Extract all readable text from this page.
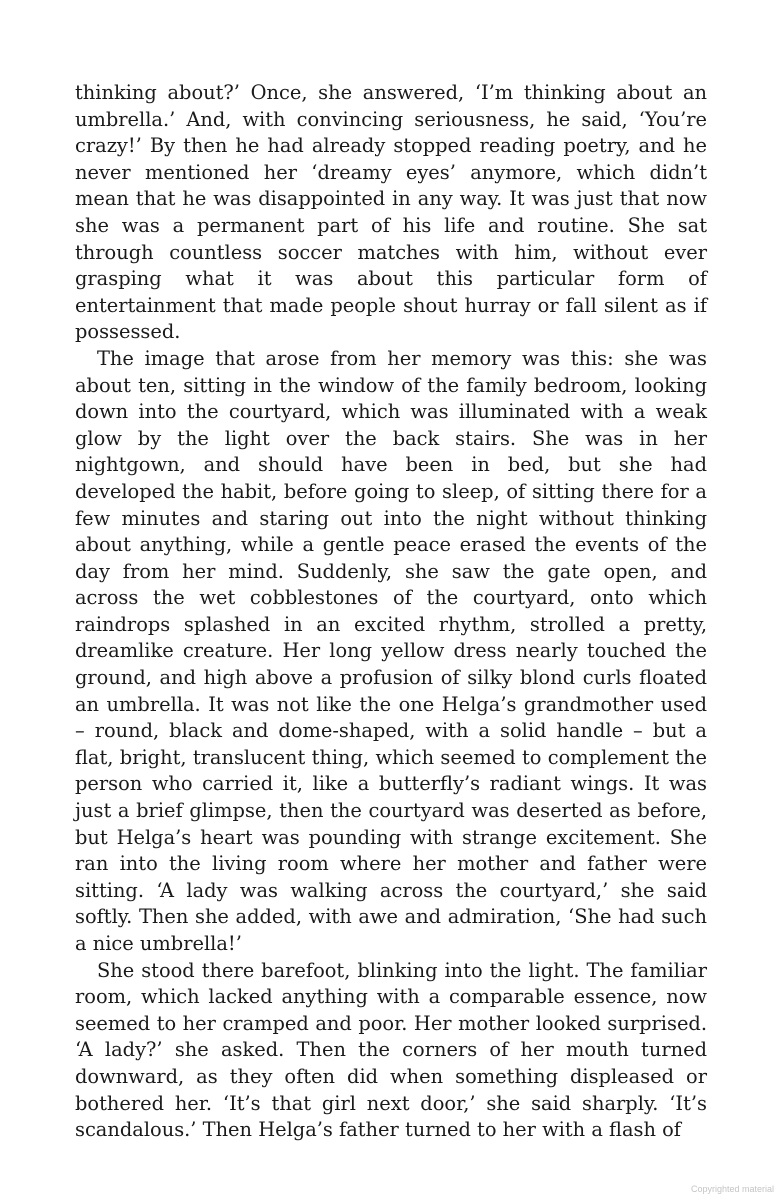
thinking about?’ Once, she answered, ‘I’m thinking about an umbrella.’ And, with convincing seriousness, he said, ‘You’re crazy!’ By then he had already stopped reading poetry, and he never mentioned her ‘dreamy eyes’ anymore, which didn’t mean that he was disappointed in any way. It was just that now she was a permanent part of his life and routine. She sat through countless soccer matches with him, without ever grasping what it was about this particular form of entertainment that made people shout hurray or fall silent as if possessed.

The image that arose from her memory was this: she was about ten, sitting in the window of the family bedroom, looking down into the courtyard, which was illuminated with a weak glow by the light over the back stairs. She was in her nightgown, and should have been in bed, but she had developed the habit, before going to sleep, of sitting there for a few minutes and staring out into the night without thinking about anything, while a gentle peace erased the events of the day from her mind. Suddenly, she saw the gate open, and across the wet cobblestones of the courtyard, onto which raindrops splashed in an excited rhythm, strolled a pretty, dreamlike creature. Her long yellow dress nearly touched the ground, and high above a profusion of silky blond curls floated an umbrella. It was not like the one Helga’s grandmother used – round, black and dome-shaped, with a solid handle – but a flat, bright, translucent thing, which seemed to complement the person who carried it, like a butterfly’s radiant wings. It was just a brief glimpse, then the courtyard was deserted as before, but Helga’s heart was pounding with strange excitement. She ran into the living room where her mother and father were sitting. ‘A lady was walking across the courtyard,’ she said softly. Then she added, with awe and admiration, ‘She had such a nice umbrella!’

She stood there barefoot, blinking into the light. The familiar room, which lacked anything with a comparable essence, now seemed to her cramped and poor. Her mother looked surprised. ‘A lady?’ she asked. Then the corners of her mouth turned downward, as they often did when something displeased or bothered her. ‘It’s that girl next door,’ she said sharply. ‘It’s scandalous.’ Then Helga’s father turned to her with a flash of

Copyrighted material
